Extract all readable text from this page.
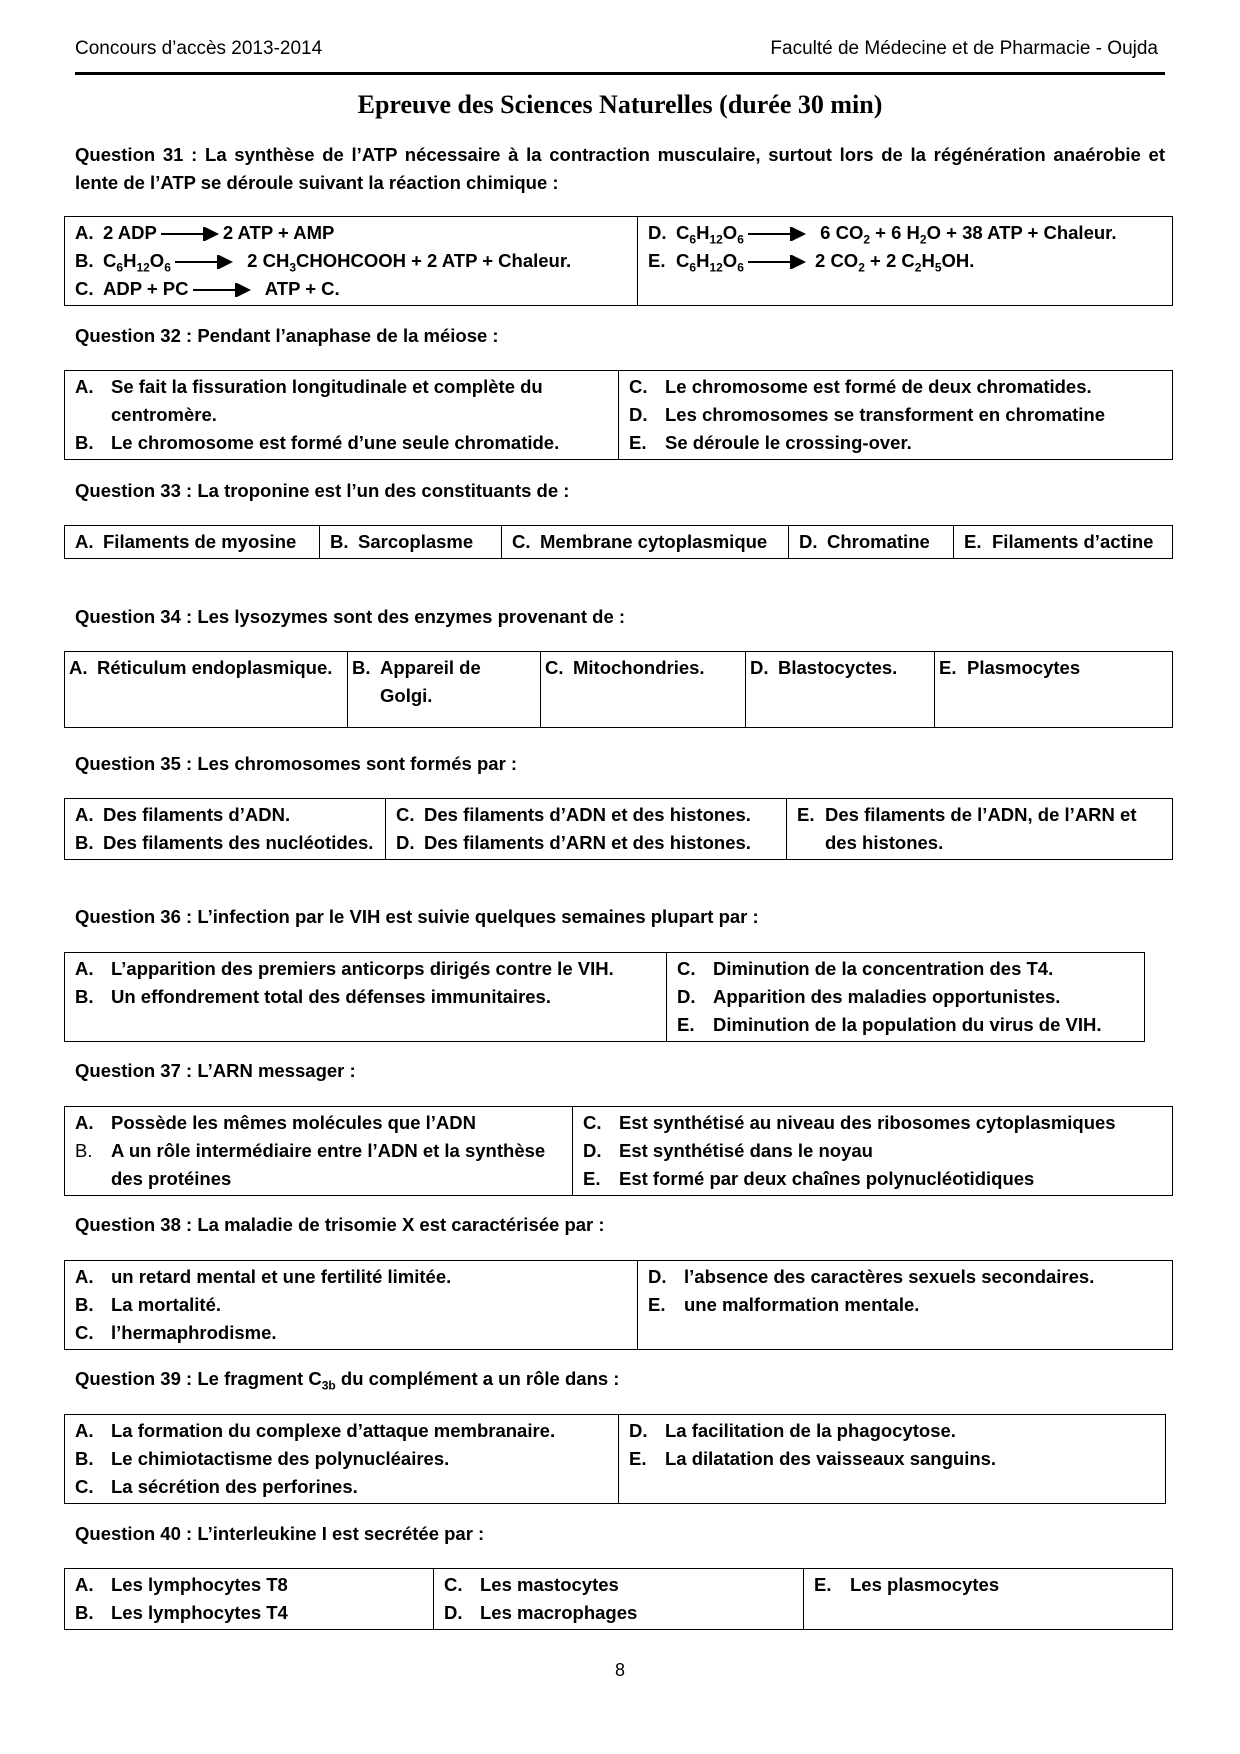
Concours d’accès 2013-2014	Faculté de Médecine et de Pharmacie - Oujda
Epreuve des Sciences Naturelles (durée 30 min)
Question 31 : La synthèse de l’ATP nécessaire à la contraction musculaire, surtout lors de la régénération anaérobie et lente de l’ATP se déroule suivant la réaction chimique :
A. 2 ADP	2 ATP + AMP
B. $C_6H_{12}O_6$	2 $CH_3CHOHCOOH + 2$ ATP + Chaleur.
C. ADP + PC	ATP + C.

D. $C_6H_{12}O_6$	6 $CO_2 + 6$ $H_2O + 38$ ATP + Chaleur.
E. $C_6H_{12}O_6$	2 $CO_2 + 2$ $C_2H_5OH$.
Question 32 : Pendant l’anaphase de la méiose :
A. Se fait la fissuration longitudinale et complète du centromère.
B. Le chromosome est formé d’une seule chromatide.

C. Le chromosome est formé de deux chromatides.
D. Les chromosomes se transforment en chromatine
E. Se déroule le crossing-over.
Question 33 : La troponine est l’un des constituants de :
A. Filaments de myosine	B. Sarcoplasme	C. Membrane cytoplasmique	D. Chromatine	E. Filaments d’actine
Question 34 : Les lysozymes sont des enzymes provenant de :
A. Réticulum endoplasmique.	B. Appareil de Golgi.

C. Mitochondries.	D. Blastocyctes.	E. Plasmocytes
Question 35 : Les chromosomes sont formés par :
A. Des filaments d’ADN.
B. Des filaments des nucléotides.

C. Des filaments d’ADN et des histones.
D. Des filaments d’ARN et des histones.

E. Des filaments de l’ADN, de l’ARN et des histones.
Question 36 : L’infection par le VIH est suivie quelques semaines plupart par :
A. L’apparition des premiers anticorps dirigés contre le VIH.
B. Un effondrement total des défenses immunitaires.

C. Diminution de la concentration des T4.
D. Apparition des maladies opportunistes.
E. Diminution de la population du virus de VIH.
Question 37 : L’ARN messager :
A. Possède les mêmes molécules que l’ADN
B. A un rôle intermédiaire entre l’ADN et la synthèse des protéines

C. Est synthétisé au niveau des ribosomes cytoplasmiques
D. Est synthétisé dans le noyau
E. Est formé par deux chaînes polynucléotidiques
Question 38 : La maladie de trisomie X est caractérisée par :
A. un retard mental et une fertilité limitée.
B. La mortalité.
C. l’hermaphrodisme.

D. l’absence des caractères sexuels secondaires.
E. une malformation mentale.
Question 39 : Le fragment $C_{3b}$ du complément a un rôle dans :
A. La formation du complexe d’attaque membranaire.
B. Le chimiotactisme des polynucléaires.
C. La sécrétion des perforines.

D. La facilitation de la phagocytose.
E. La dilatation des vaisseaux sanguins.
Question 40 : L’interleukine I est secrétée par :
A. Les lymphocytes T8
B. Les lymphocytes T4

C. Les mastocytes
D. Les macrophages

E. Les plasmocytes
8
